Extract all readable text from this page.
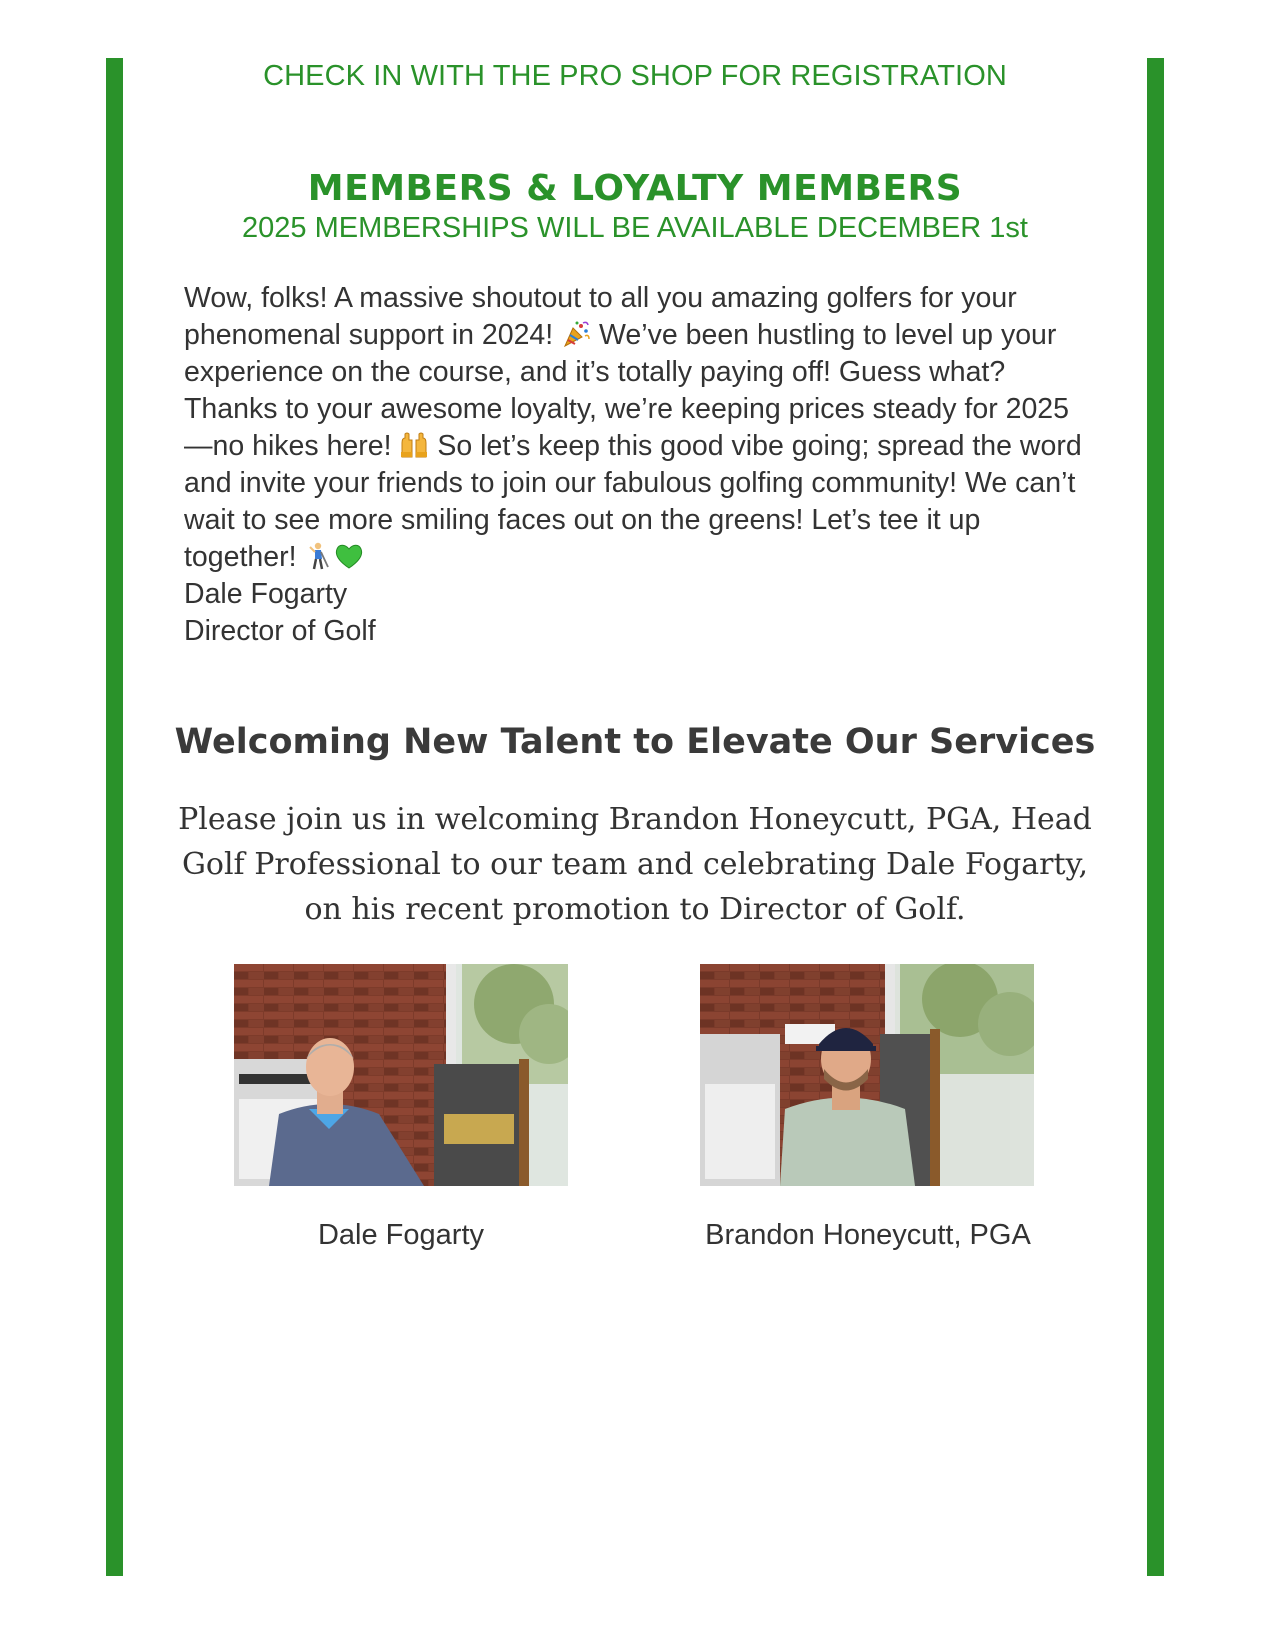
CHECK IN WITH THE PRO SHOP FOR REGISTRATION
MEMBERS & LOYALTY MEMBERS
2025 MEMBERSHIPS WILL BE AVAILABLE DECEMBER 1st

Wow, folks! A massive shoutout to all you amazing golfers for your phenomenal support in 2024!  We’ve been hustling to level up your experience on the course, and it’s totally paying off! Guess what? Thanks to your awesome loyalty, we’re keeping prices steady for 2025—no hikes here!  So let’s keep this good vibe going; spread the word and invite your friends to join our fabulous golfing community! We can’t wait to see more smiling faces out on the greens! Let’s tee it up together!

Dale Fogarty

Director of Golf

Welcoming New Talent to Elevate Our Services
Please join us in welcoming Brandon Honeycutt, PGA, Head Golf Professional to our team and celebrating Dale Fogarty, on his recent promotion to Director of Golf.
Dale Fogarty	Brandon Honeycutt, PGA
